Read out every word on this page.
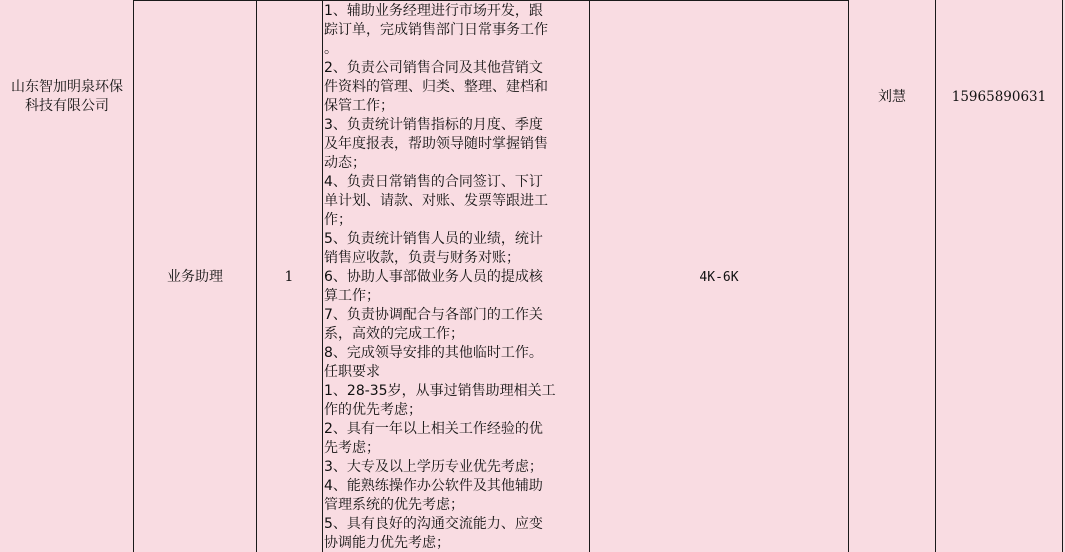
山东智加明泉环保
科技有限公司
业务助理	1
1、辅助业务经理进行市场开发，跟
踪订单，完成销售部门日常事务工作
。
2、负责公司销售合同及其他营销文
件资料的管理、归类、整理、建档和
保管工作；
3、负责统计销售指标的月度、季度
及年度报表，帮助领导随时掌握销售
动态；
4、负责日常销售的合同签订、下订
单计划、请款、对账、发票等跟进工
作；
5、负责统计销售人员的业绩，统计
销售应收款，负责与财务对账；
6、协助人事部做业务人员的提成核
算工作；
7、负责协调配合与各部门的工作关
系，高效的完成工作；
8、完成领导安排的其他临时工作。
任职要求
1、28-35岁，从事过销售助理相关工
作的优先考虑；
2、具有一年以上相关工作经验的优
先考虑；
3、大专及以上学历专业优先考虑；
4、能熟练操作办公软件及其他辅助
管理系统的优先考虑；
5、具有良好的沟通交流能力、应变
协调能力优先考虑；
4K-6K
刘慧	15965890631
